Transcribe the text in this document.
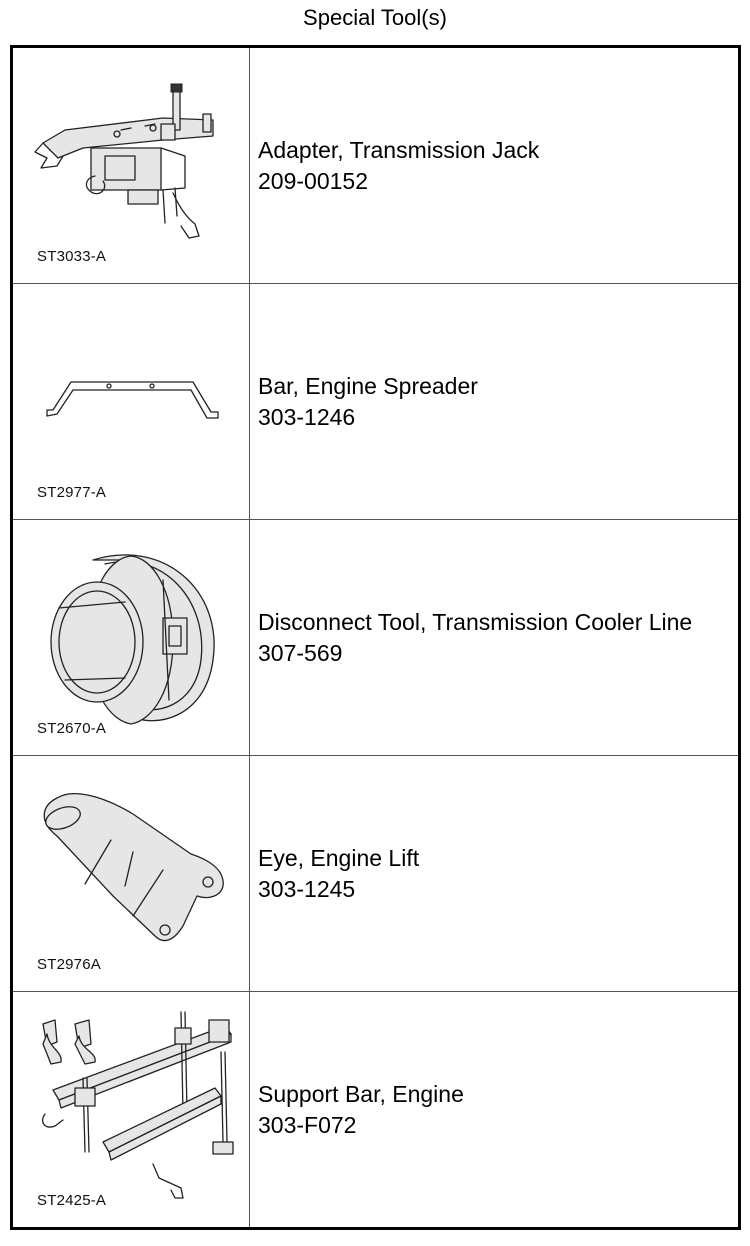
Special Tool(s)
ST3033-A	Adapter, Transmission Jack
209-00152

ST2977-A	Bar, Engine Spreader
303-1246

ST2670-A	Disconnect Tool, Transmission Cooler Line
307-569

ST2976A	Eye, Engine Lift
303-1245

ST2425-A	Support Bar, Engine
303-F072
